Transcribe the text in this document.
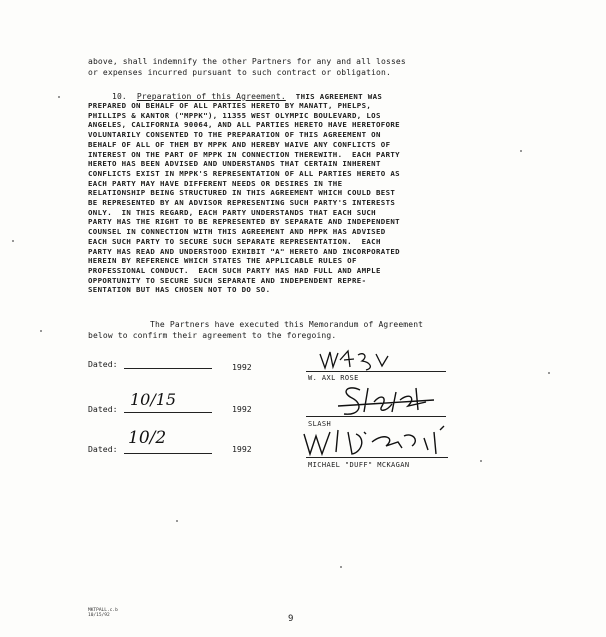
above, shall indemnify the other Partners for any and all losses
or expenses incurred pursuant to such contract or obligation.
10. Preparation of this Agreement. THIS AGREEMENT WAS
PREPARED ON BEHALF OF ALL PARTIES HERETO BY MANATT, PHELPS,
PHILLIPS & KANTOR ("MPPK"), 11355 WEST OLYMPIC BOULEVARD, LOS
ANGELES, CALIFORNIA 90064, AND ALL PARTIES HERETO HAVE HERETOFORE
VOLUNTARILY CONSENTED TO THE PREPARATION OF THIS AGREEMENT ON
BEHALF OF ALL OF THEM BY MPPK AND HEREBY WAIVE ANY CONFLICTS OF
INTEREST ON THE PART OF MPPK IN CONNECTION THEREWITH.  EACH PARTY
HERETO HAS BEEN ADVISED AND UNDERSTANDS THAT CERTAIN INHERENT
CONFLICTS EXIST IN MPPK'S REPRESENTATION OF ALL PARTIES HERETO AS
EACH PARTY MAY HAVE DIFFERENT NEEDS OR DESIRES IN THE
RELATIONSHIP BEING STRUCTURED IN THIS AGREEMENT WHICH COULD BEST
BE REPRESENTED BY AN ADVISOR REPRESENTING SUCH PARTY'S INTERESTS
ONLY.  IN THIS REGARD, EACH PARTY UNDERSTANDS THAT EACH SUCH
PARTY HAS THE RIGHT TO BE REPRESENTED BY SEPARATE AND INDEPENDENT
COUNSEL IN CONNECTION WITH THIS AGREEMENT AND MPPK HAS ADVISED
EACH SUCH PARTY TO SECURE SUCH SEPARATE REPRESENTATION.  EACH
PARTY HAS READ AND UNDERSTOOD EXHIBIT "A" HERETO AND INCORPORATED
HEREIN BY REFERENCE WHICH STATES THE APPLICABLE RULES OF
PROFESSIONAL CONDUCT.  EACH SUCH PARTY HAS HAD FULL AND AMPLE
OPPORTUNITY TO SECURE SUCH SEPARATE AND INDEPENDENT REPRE-
SENTATION BUT HAS CHOSEN NOT TO DO SO.
The Partners have executed this Memorandum of Agreement
below to confirm their agreement to the foregoing.
Dated:	1992
W. AXL ROSE
Dated: 10/15	1992
SLASH
Dated:
10/2
1992
MICHAEL "DUFF" MCKAGAN
MKTPALL.c.b
10/15/92	9
